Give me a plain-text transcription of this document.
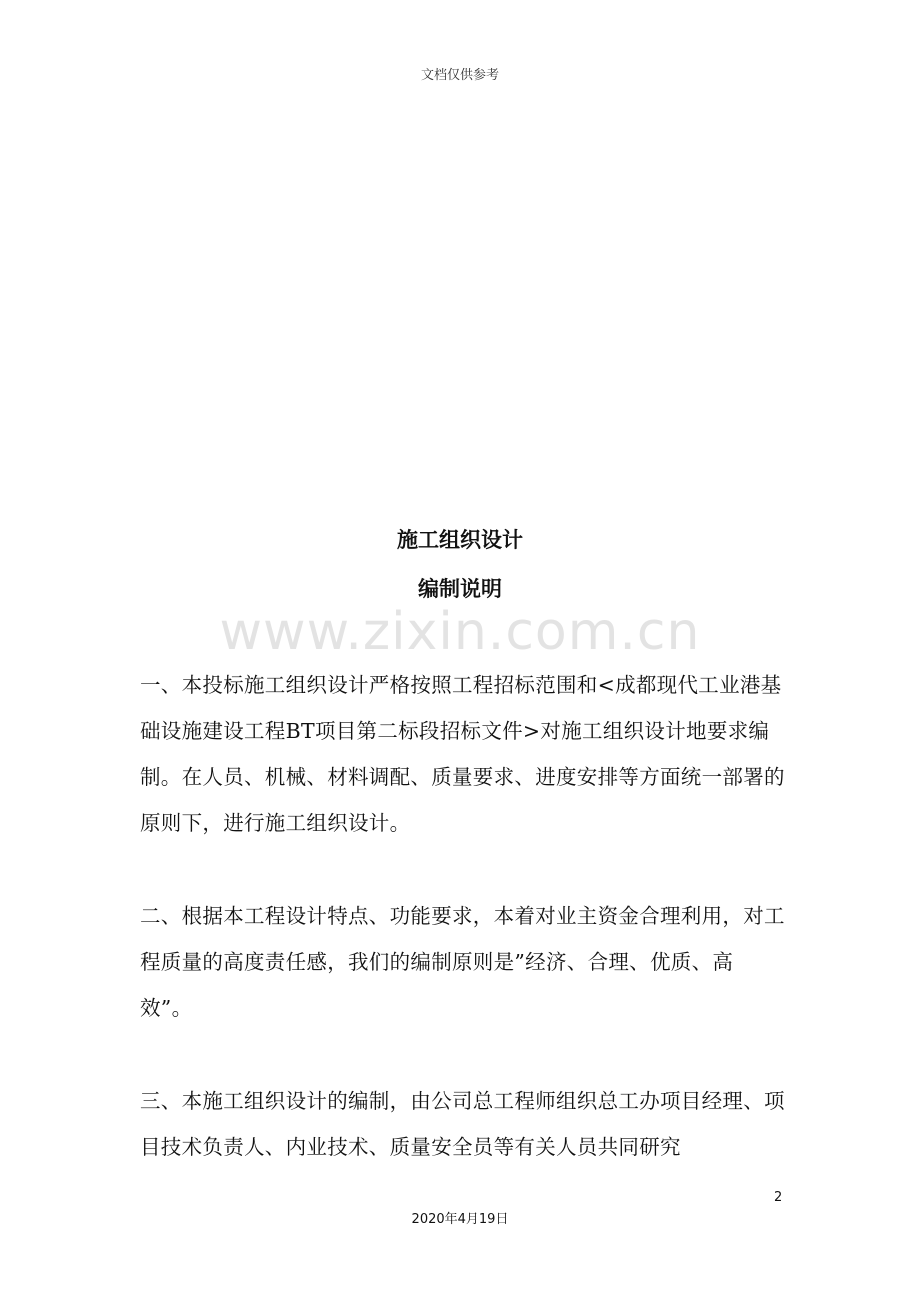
文档仅供参考
施工组织设计
编制说明
www.zixin.com.cn
一、本投标施工组织设计严格按照工程招标范围和<成都现代工业港基础设施建设工程BT项目第二标段招标文件>对施工组织设计地要求编制。在人员、机械、材料调配、质量要求、进度安排等方面统一部署的原则下，进行施工组织设计。
二、根据本工程设计特点、功能要求，本着对业主资金合理利用，对工程质量的高度责任感，我们的编制原则是”经济、合理、优质、高效”。
三、本施工组织设计的编制，由公司总工程师组织总工办项目经理、项目技术负责人、内业技术、质量安全员等有关人员共同研究
2
2020年4月19日
